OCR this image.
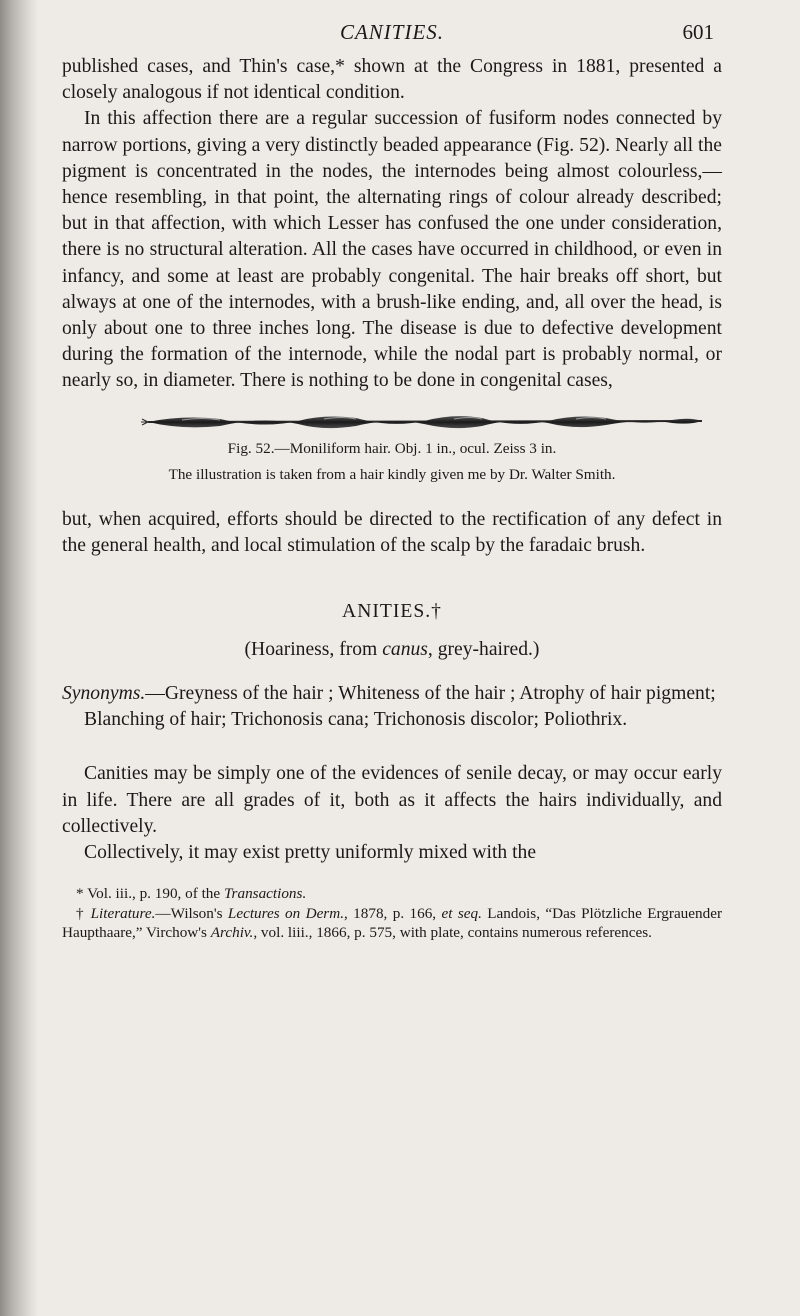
CANITIES.	601

published cases, and Thin's case,* shown at the Congress in 1881, presented a closely analogous if not identical condition.

In this affection there are a regular succession of fusiform nodes connected by narrow portions, giving a very distinctly beaded appearance (Fig. 52). Nearly all the pigment is concentrated in the nodes, the internodes being almost colourless,—hence resembling, in that point, the alternating rings of colour already described; but in that affection, with which Lesser has confused the one under consideration, there is no structural alteration. All the cases have occurred in childhood, or even in infancy, and some at least are probably congenital. The hair breaks off short, but always at one of the internodes, with a brush-like ending, and, all over the head, is only about one to three inches long. The disease is due to defective development during the formation of the internode, while the nodal part is probably normal, or nearly so, in diameter. There is nothing to be done in congenital cases,

Fig. 52.—Moniliform hair. Obj. 1 in., ocul. Zeiss 3 in.

The illustration is taken from a hair kindly given me by Dr. Walter Smith.

but, when acquired, efforts should be directed to the rectification of any defect in the general health, and local stimulation of the scalp by the faradaic brush.

ANITIES.†
(Hoariness, from canus, grey-haired.)

Synonyms.—Greyness of the hair ; Whiteness of the hair ; Atrophy of hair pigment; Blanching of hair; Trichonosis cana; Trichonosis discolor; Poliothrix.

Canities may be simply one of the evidences of senile decay, or may occur early in life. There are all grades of it, both as it affects the hairs individually, and collectively.

Collectively, it may exist pretty uniformly mixed with the

* Vol. iii., p. 190, of the Transactions.

† Literature.—Wilson's Lectures on Derm., 1878, p. 166, et seq. Landois, “Das Plötzliche Ergrauender Haupthaare,” Virchow's Archiv., vol. liii., 1866, p. 575, with plate, contains numerous references.
